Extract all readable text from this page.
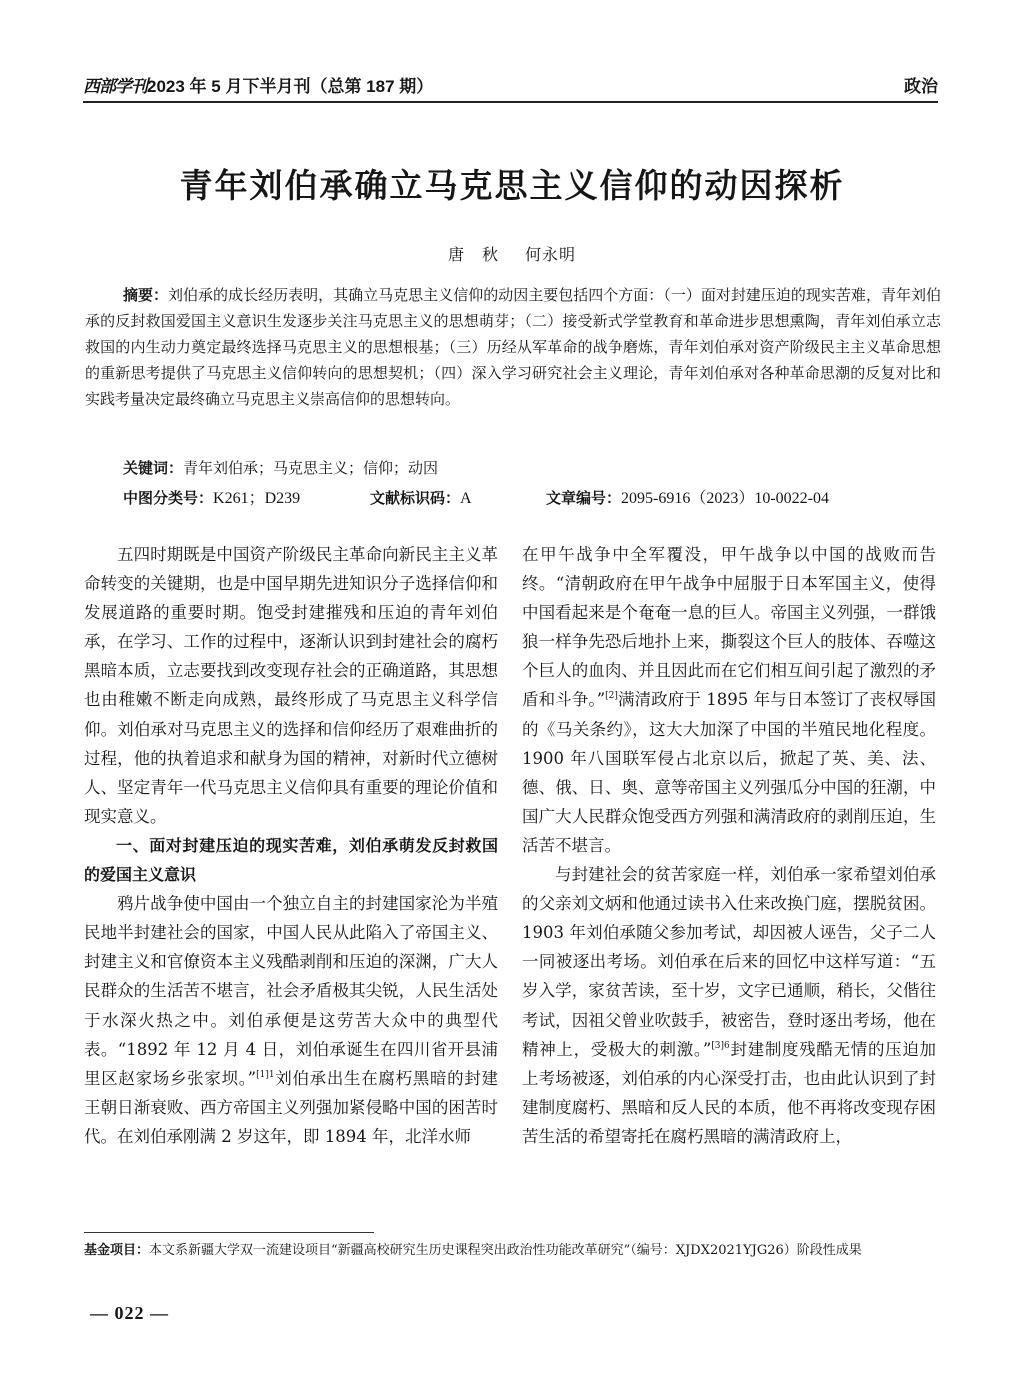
西部学刊2023 年 5 月下半月刊（总第 187 期）	政治
青年刘伯承确立马克思主义信仰的动因探析
唐　秋 何永明

摘要：刘伯承的成长经历表明，其确立马克思主义信仰的动因主要包括四个方面：（一）面对封建压迫的现实苦难，青年刘伯承的反封救国爱国主义意识生发逐步关注马克思主义的思想萌芽；（二）接受新式学堂教育和革命进步思想熏陶，青年刘伯承立志救国的内生动力奠定最终选择马克思主义的思想根基；（三）历经从军革命的战争磨炼，青年刘伯承对资产阶级民主主义革命思想的重新思考提供了马克思主义信仰转向的思想契机；（四）深入学习研究社会主义理论，青年刘伯承对各种革命思潮的反复对比和实践考量决定最终确立马克思主义崇高信仰的思想转向。

关键词：青年刘伯承；马克思主义；信仰；动因
中图分类号：K261；D239	文献标识码：A	文章编号：2095-6916（2023）10-0022-04

五四时期既是中国资产阶级民主革命向新民主主义革命转变的关键期，也是中国早期先进知识分子选择信仰和发展道路的重要时期。饱受封建摧残和压迫的青年刘伯承，在学习、工作的过程中，逐渐认识到封建社会的腐朽黑暗本质，立志要找到改变现存社会的正确道路，其思想也由稚嫩不断走向成熟，最终形成了马克思主义科学信仰。刘伯承对马克思主义的选择和信仰经历了艰难曲折的过程，他的执着追求和献身为国的精神，对新时代立德树人、坚定青年一代马克思主义信仰具有重要的理论价值和现实意义。

一、面对封建压迫的现实苦难，刘伯承萌发反封救国的爱国主义意识

鸦片战争使中国由一个独立自主的封建国家沦为半殖民地半封建社会的国家，中国人民从此陷入了帝国主义、封建主义和官僚资本主义残酷剥削和压迫的深渊，广大人民群众的生活苦不堪言，社会矛盾极其尖锐，人民生活处于水深火热之中。刘伯承便是这劳苦大众中的典型代表。“1892 年 12 月 4 日，刘伯承诞生在四川省开县浦里区赵家场乡张家坝。”$^{[1]1}$刘伯承出生在腐朽黑暗的封建王朝日渐衰败、西方帝国主义列强加紧侵略中国的困苦时代。在刘伯承刚满 2 岁这年，即 1894 年，北洋水师

在甲午战争中全军覆没，甲午战争以中国的战败而告终。“清朝政府在甲午战争中屈服于日本军国主义，使得中国看起来是个奄奄一息的巨人。帝国主义列强，一群饿狼一样争先恐后地扑上来，撕裂这个巨人的肢体、吞噬这个巨人的血肉、并且因此而在它们相互间引起了激烈的矛盾和斗争。”[2]满清政府于 1895 年与日本签订了丧权辱国的《马关条约》，这大大加深了中国的半殖民地化程度。1900 年八国联军侵占北京以后，掀起了英、美、法、德、俄、日、奥、意等帝国主义列强瓜分中国的狂潮，中国广大人民群众饱受西方列强和满清政府的剥削压迫，生活苦不堪言。

与封建社会的贫苦家庭一样，刘伯承一家希望刘伯承的父亲刘文炳和他通过读书入仕来改换门庭，摆脱贫困。1903 年刘伯承随父参加考试，却因被人诬告，父子二人一同被逐出考场。刘伯承在后来的回忆中这样写道：“五岁入学，家贫苦读，至十岁，文字已通顺，稍长，父偕往考试，因祖父曾业吹鼓手，被密告，登时逐出考场，他在精神上，受极大的刺激。”$^{[3]6}$封建制度残酷无情的压迫加上考场被逐，刘伯承的内心深受打击，也由此认识到了封建制度腐朽、黑暗和反人民的本质，他不再将改变现存困苦生活的希望寄托在腐朽黑暗的满清政府上，

基金项目：本文系新疆大学双一流建设项目“新疆高校研究生历史课程突出政治性功能改革研究”（编号：XJDX2021YJG26）阶段性成果
— 022 —
